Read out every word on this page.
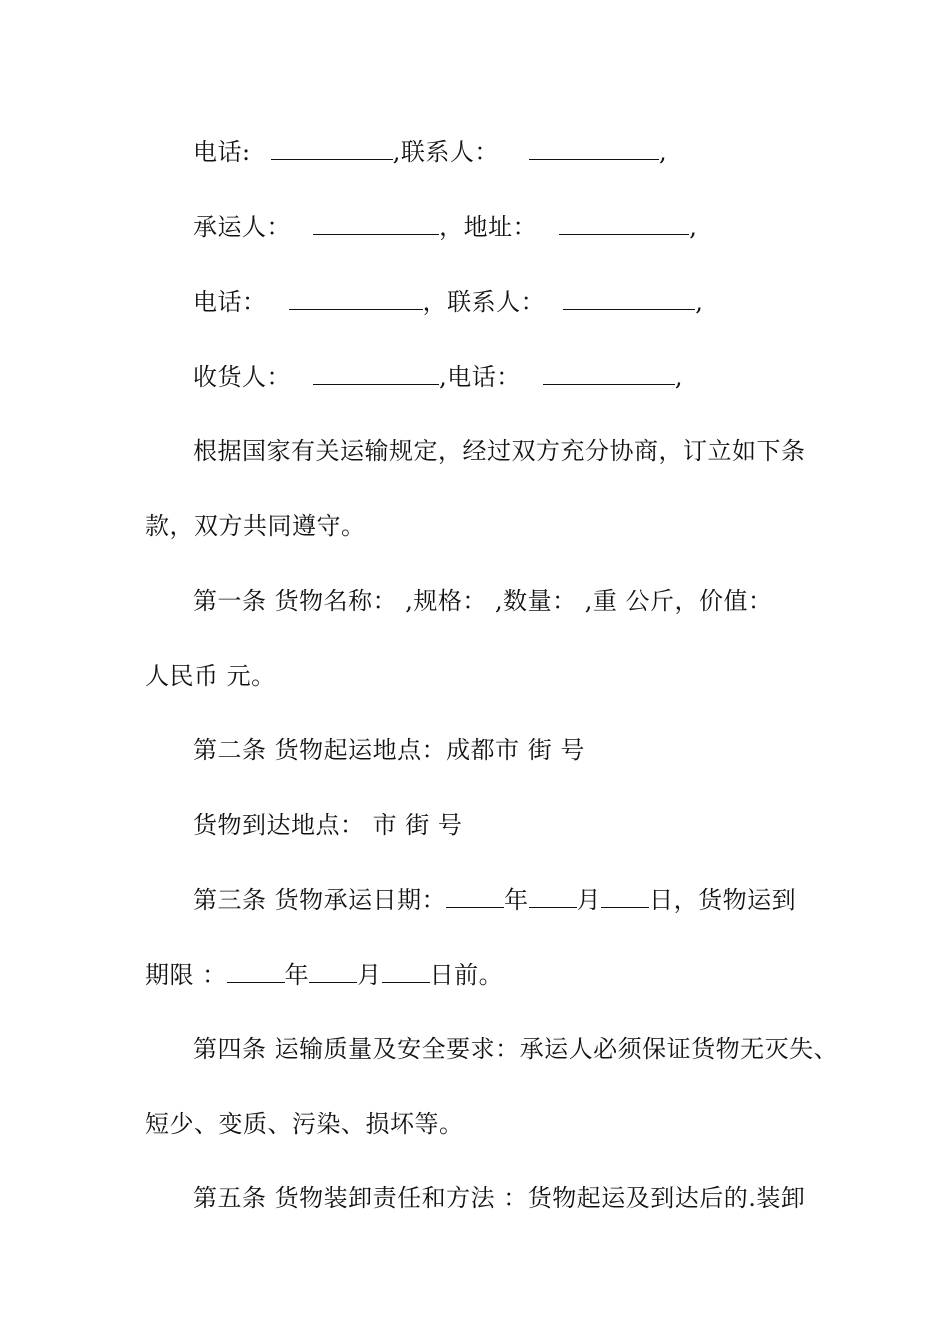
电话:	,联系人：	,
承运人：	，地址：	,
电话：	，联系人：	,
收货人：	,电话：	,
根据国家有关运输规定，经过双方充分协商，订立如下条
款，双方共同遵守。
第一条 货物名称： ,规格： ,数量： ,重 公斤，价值：
人民币 元。
第二条 货物起运地点：成都市 街 号
货物到达地点： 市 街 号
第三条 货物承运日期： 年 月 日，货物运到
期限 ： 年 月 日前。
第四条 运输质量及安全要求：承运人必须保证货物无灭失、
短少、变质、污染、损坏等。
第五条 货物装卸责任和方法 ：货物起运及到达后的.装卸
